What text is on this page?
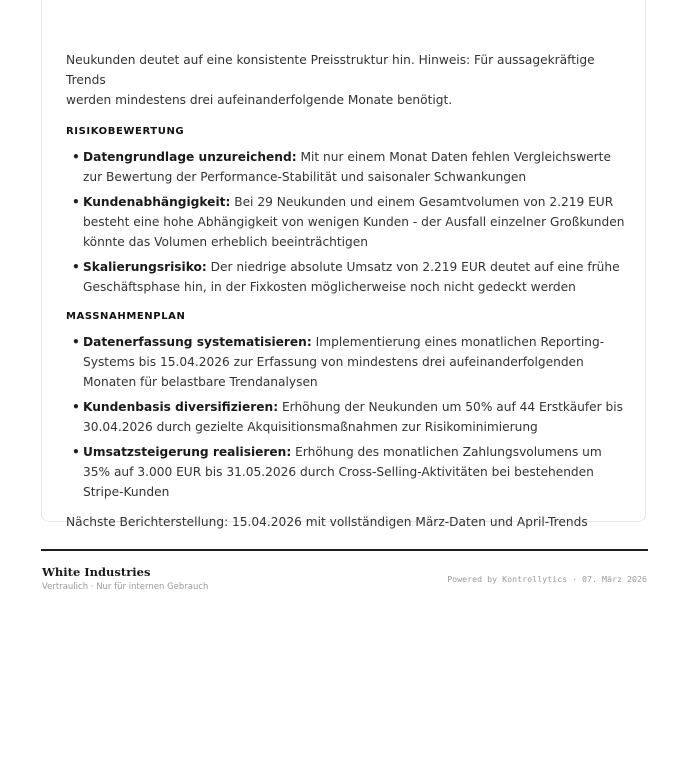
Neukunden deutet auf eine konsistente Preisstruktur hin. Hinweis: Für aussagekräftige Trends
werden mindestens drei aufeinanderfolgende Monate benötigt.

RISIKOBEWERTUNG
• Datengrundlage unzureichend: Mit nur einem Monat Daten fehlen Vergleichswerte zur Bewertung der Performance-Stabilität und saisonaler Schwankungen
• Kundenabhängigkeit: Bei 29 Neukunden und einem Gesamtvolumen von 2.219 EUR besteht eine hohe Abhängigkeit von wenigen Kunden - der Ausfall einzelner Großkunden könnte das Volumen erheblich beeinträchtigen
• Skalierungsrisiko: Der niedrige absolute Umsatz von 2.219 EUR deutet auf eine frühe Geschäftsphase hin, in der Fixkosten möglicherweise noch nicht gedeckt werden
MASSNAHMENPLAN
• Datenerfassung systematisieren: Implementierung eines monatlichen Reporting-Systems bis 15.04.2026 zur Erfassung von mindestens drei aufeinanderfolgenden Monaten für belastbare Trendanalysen
• Kundenbasis diversifizieren: Erhöhung der Neukunden um 50% auf 44 Erstkäufer bis 30.04.2026 durch gezielte Akquisitionsmaßnahmen zur Risikominimierung
• Umsatzsteigerung realisieren: Erhöhung des monatlichen Zahlungsvolumens um 35% auf 3.000 EUR bis 31.05.2026 durch Cross-Selling-Aktivitäten bei bestehenden Stripe-Kunden

Nächste Berichterstellung: 15.04.2026 mit vollständigen März-Daten und April-Trends

White Industries
Vertraulich · Nur für internen Gebrauch
Powered by Kontrollytics · 07. März 2026
